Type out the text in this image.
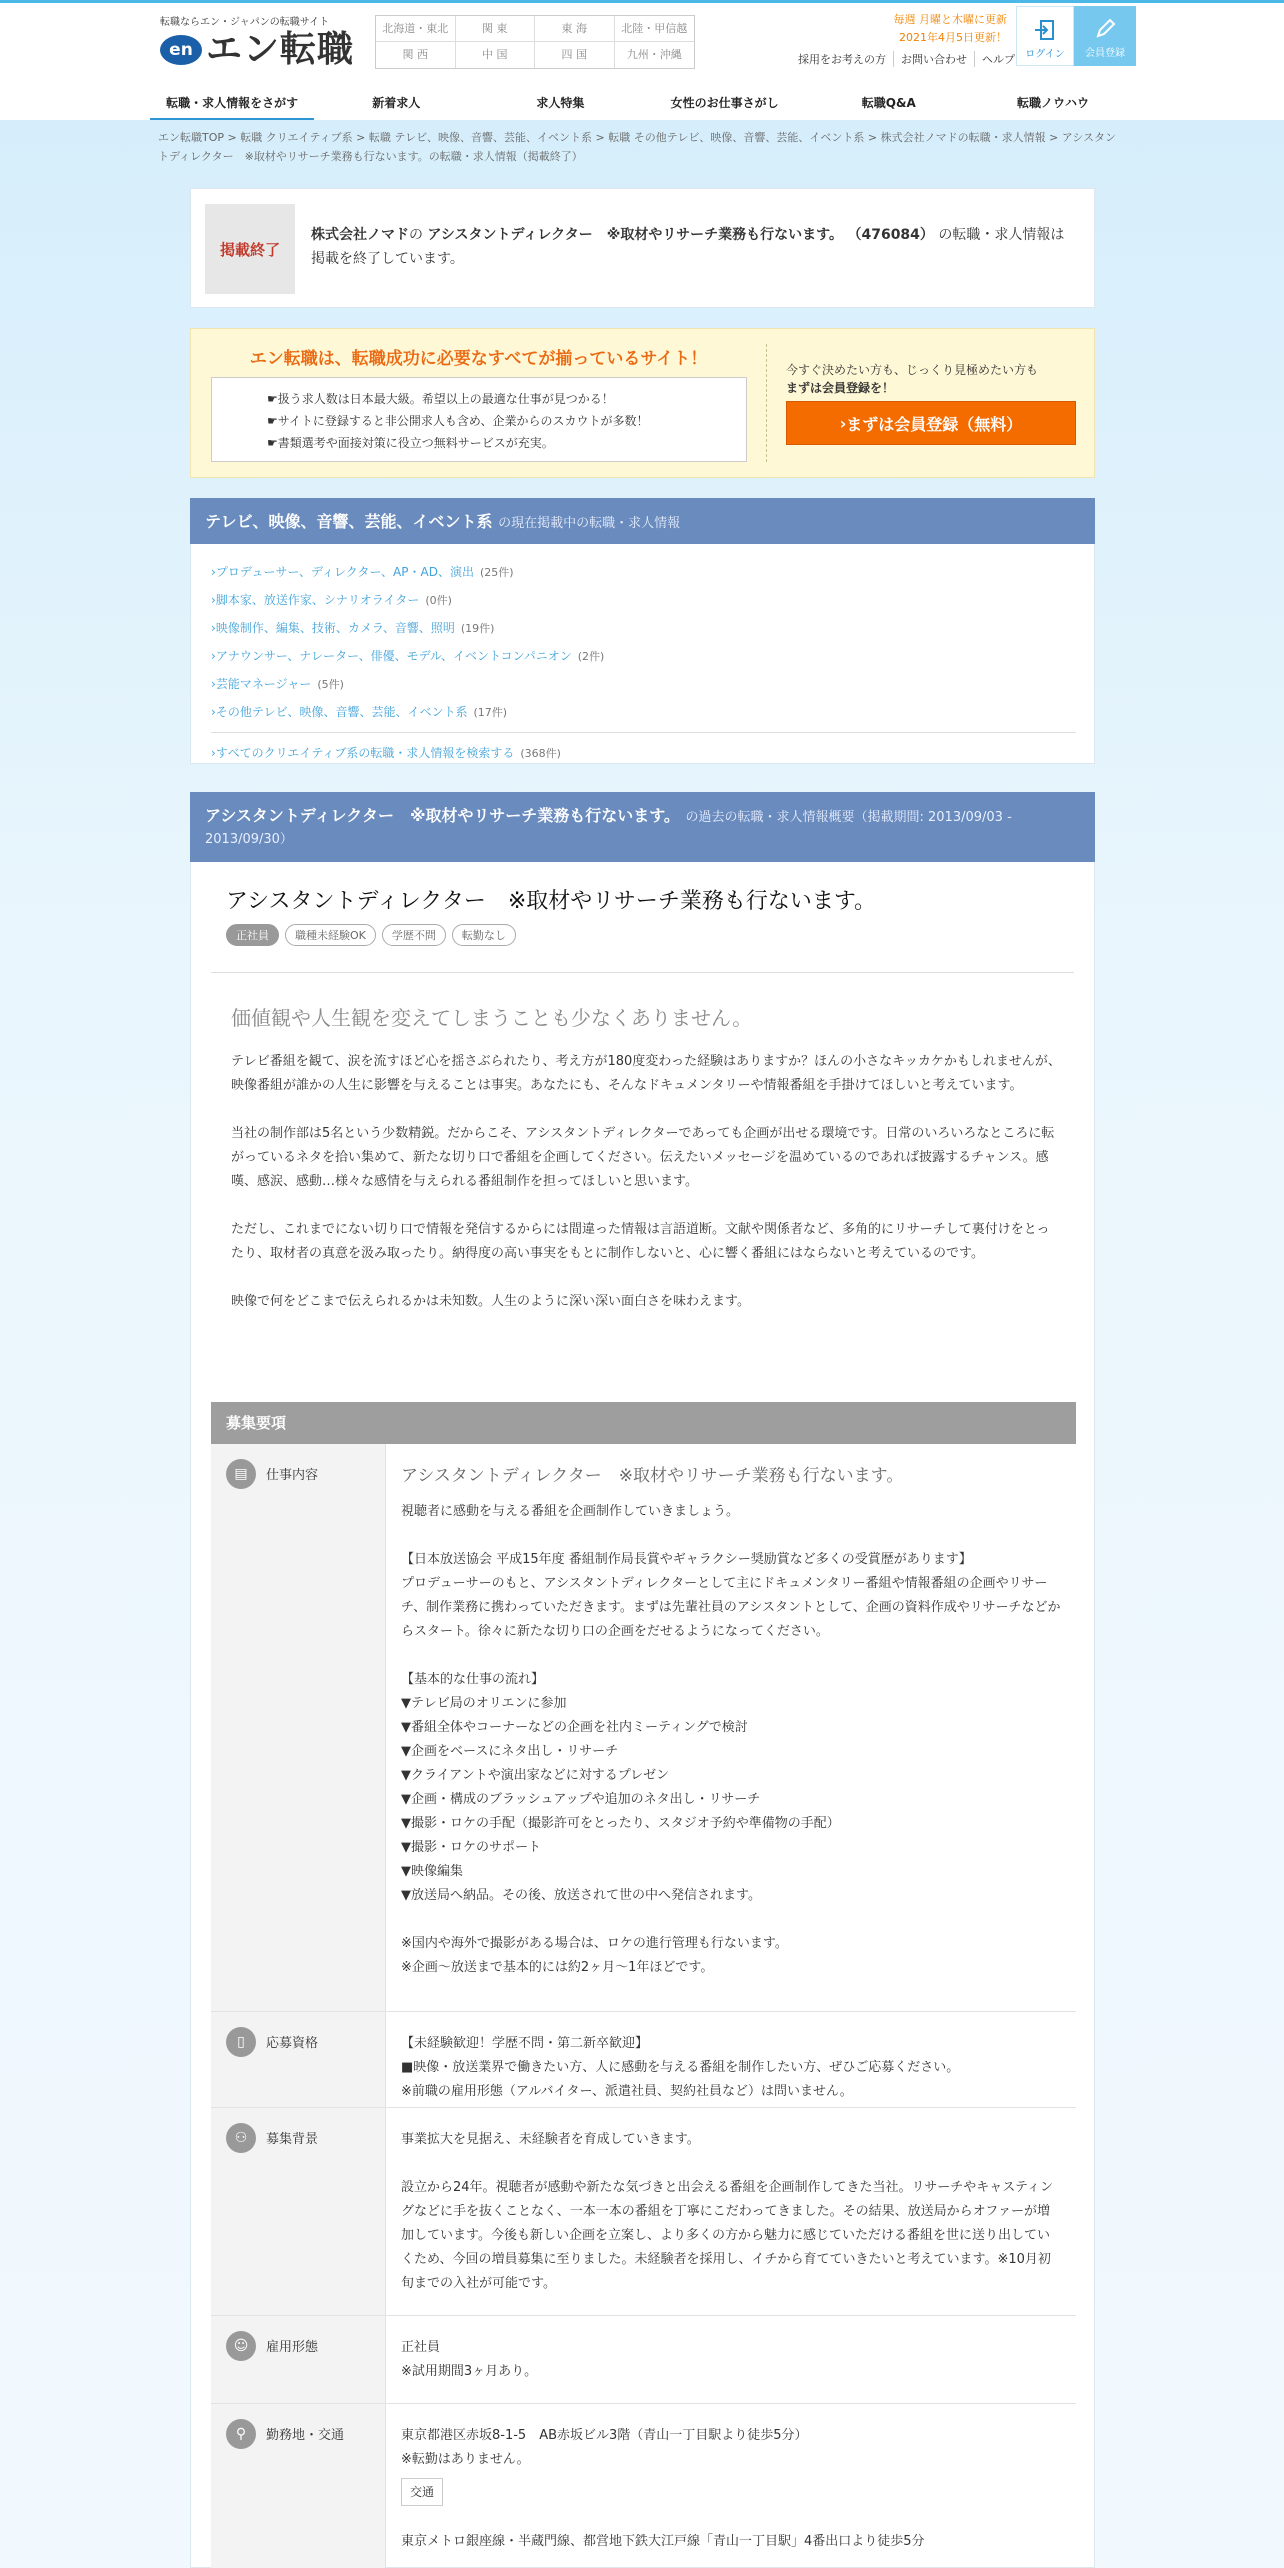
転職ならエン・ジャパンの転職サイト
en エン転職
北海道・東北	関 東	東 海	北陸・甲信越
関 西	中 国	四 国	九州・沖縄
毎週 月曜と木曜に更新
2021年4月5日更新！
採用をお考えの方	お問い合わせ	ヘルプ	ログイン	会員登録
転職・求人情報をさがす	新着求人	求人特集	女性のお仕事さがし	転職Q&A	転職ノウハウ
エン転職TOP > 転職 クリエイティブ系 > 転職 テレビ、映像、音響、芸能、イベント系 > 転職 その他テレビ、映像、音響、芸能、イベント系 > 株式会社ノマドの転職・求人情報 > アシスタントディレクター　※取材やリサーチ業務も行ないます。の転職・求人情報（掲載終了）
掲載終了
株式会社ノマドの アシスタントディレクター　※取材やリサーチ業務も行ないます。 （476084） の転職・求人情報は掲載を終了しています。
エン転職は、転職成功に必要なすべてが揃っているサイト！
☛ 扱う求人数は日本最大級。希望以上の最適な仕事が見つかる！
☛ サイトに登録すると非公開求人も含め、企業からのスカウトが多数！
☛ 書類選考や面接対策に役立つ無料サービスが充実。
今すぐ決めたい方も、じっくり見極めたい方も
まずは会員登録を！
› まずは会員登録（無料）
テレビ、映像、音響、芸能、イベント系 の現在掲載中の転職・求人情報
› プロデューサー、ディレクター、AP・AD、演出 (25件)
› 脚本家、放送作家、シナリオライター (0件)
› 映像制作、編集、技術、カメラ、音響、照明 (19件)
› アナウンサー、ナレーター、俳優、モデル、イベントコンパニオン (2件)
› 芸能マネージャー (5件)
› その他テレビ、映像、音響、芸能、イベント系 (17件)
› すべてのクリエイティブ系の転職・求人情報を検索する (368件)
アシスタントディレクター　※取材やリサーチ業務も行ないます。 の過去の転職・求人情報概要（掲載期間: 2013/09/03 - 2013/09/30）
アシスタントディレクター　※取材やリサーチ業務も行ないます。
正社員	職種未経験OK	学歴不問	転勤なし
価値観や人生観を変えてしまうことも少なくありません。

テレビ番組を観て、涙を流すほど心を揺さぶられたり、考え方が180度変わった経験はありますか？ほんの小さなキッカケかもしれませんが、映像番組が誰かの人生に影響を与えることは事実。あなたにも、そんなドキュメンタリーや情報番組を手掛けてほしいと考えています。

当社の制作部は5名という少数精鋭。だからこそ、アシスタントディレクターであっても企画が出せる環境です。日常のいろいろなところに転がっているネタを拾い集めて、新たな切り口で番組を企画してください。伝えたいメッセージを温めているのであれば披露するチャンス。感嘆、感涙、感動…様々な感情を与えられる番組制作を担ってほしいと思います。

ただし、これまでにない切り口で情報を発信するからには間違った情報は言語道断。文献や関係者など、多角的にリサーチして裏付けをとったり、取材者の真意を汲み取ったり。納得度の高い事実をもとに制作しないと、心に響く番組にはならないと考えているのです。

映像で何をどこまで伝えられるかは未知数。人生のように深い深い面白さを味わえます。

募集要項
▤	仕事内容	アシスタントディレクター　※取材やリサーチ業務も行ないます。
視聴者に感動を与える番組を企画制作していきましょう。

【日本放送協会 平成15年度 番組制作局長賞やギャラクシー奨励賞など多くの受賞歴があります】
プロデューサーのもと、アシスタントディレクターとして主にドキュメンタリー番組や情報番組の企画やリサーチ、制作業務に携わっていただきます。まずは先輩社員のアシスタントとして、企画の資料作成やリサーチなどからスタート。徐々に新たな切り口の企画をだせるようになってください。

【基本的な仕事の流れ】
▼テレビ局のオリエンに参加
▼番組全体やコーナーなどの企画を社内ミーティングで検討
▼企画をベースにネタ出し・リサーチ
▼クライアントや演出家などに対するプレゼン
▼企画・構成のブラッシュアップや追加のネタ出し・リサーチ
▼撮影・ロケの手配（撮影許可をとったり、スタジオ予約や準備物の手配）
▼撮影・ロケのサポート
▼映像編集
▼放送局へ納品。その後、放送されて世の中へ発信されます。

※国内や海外で撮影がある場合は、ロケの進行管理も行ないます。
※企画～放送まで基本的には約2ヶ月～1年ほどです。
▯	応募資格	【未経験歓迎！学歴不問・第二新卒歓迎】
■映像・放送業界で働きたい方、人に感動を与える番組を制作したい方、ぜひご応募ください。
※前職の雇用形態（アルバイター、派遣社員、契約社員など）は問いません。
⚇	募集背景	事業拡大を見据え、未経験者を育成していきます。

設立から24年。視聴者が感動や新たな気づきと出会える番組を企画制作してきた当社。リサーチやキャスティングなどに手を抜くことなく、一本一本の番組を丁寧にこだわってきました。その結果、放送局からオファーが増加しています。今後も新しい企画を立案し、より多くの方から魅力に感じていただける番組を世に送り出していくため、今回の増員募集に至りました。未経験者を採用し、イチから育てていきたいと考えています。※10月初旬までの入社が可能です。
☺	雇用形態	正社員
※試用期間3ヶ月あり。
⚲	勤務地・交通	東京都港区赤坂8-1-5　AB赤坂ビル3階（青山一丁目駅より徒歩5分）
※転勤はありません。
交通

東京メトロ銀座線・半蔵門線、都営地下鉄大江戸線「青山一丁目駅」4番出口より徒歩5分
